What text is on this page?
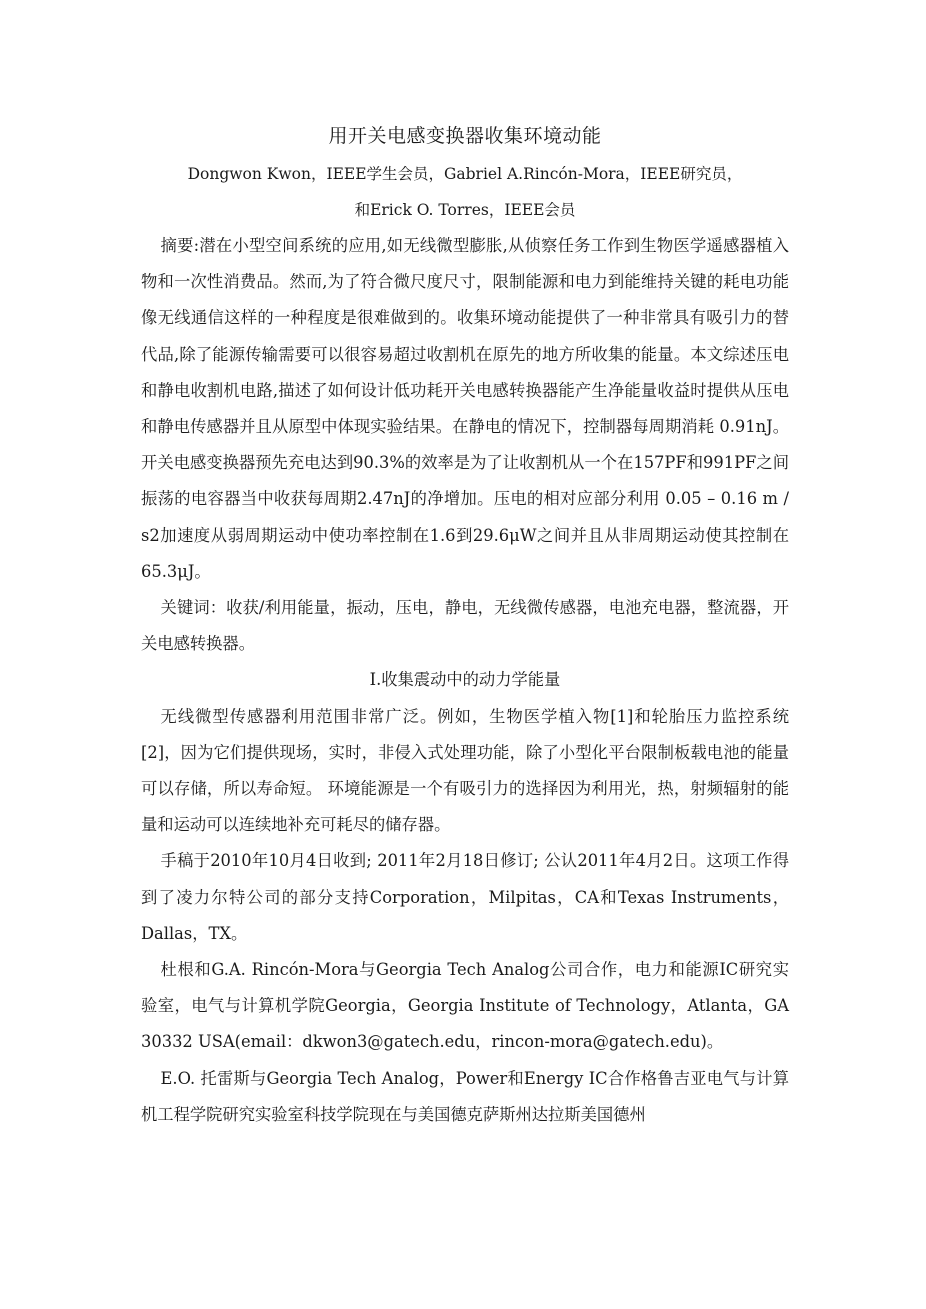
用开关电感变换器收集环境动能
Dongwon Kwon，IEEE学生会员，Gabriel A.Rincón-Mora，IEEE研究员，
和Erick O. Torres，IEEE会员

摘要:潜在小型空间系统的应用,如无线微型膨胀,从侦察任务工作到生物医学遥感器植入物和一次性消费品。然而,为了符合微尺度尺寸，限制能源和电力到能维持关键的耗电功能像无线通信这样的一种程度是很难做到的。收集环境动能提供了一种非常具有吸引力的替代品,除了能源传输需要可以很容易超过收割机在原先的地方所收集的能量。本文综述压电和静电收割机电路,描述了如何设计低功耗开关电感转换器能产生净能量收益时提供从压电和静电传感器并且从原型中体现实验结果。在静电的情况下，控制器每周期消耗 0.91nJ。开关电感变换器预先充电达到90.3%的效率是为了让收割机从一个在157PF和991PF之间振荡的电容器当中收获每周期2.47nJ的净增加。压电的相对应部分利用 0.05 – 0.16 m / s2加速度从弱周期运动中使功率控制在1.6到29.6μW之间并且从非周期运动使其控制在65.3μJ。

关键词：收获/利用能量，振动，压电，静电，无线微传感器，电池充电器，整流器，开关电感转换器。

Ⅰ.收集震动中的动力学能量

无线微型传感器利用范围非常广泛。例如，生物医学植入物[1]和轮胎压力监控系统[2]，因为它们提供现场，实时，非侵入式处理功能，除了小型化平台限制板载电池的能量可以存储，所以寿命短。 环境能源是一个有吸引力的选择因为利用光，热，射频辐射的能量和运动可以连续地补充可耗尽的储存器。

手稿于2010年10月4日收到; 2011年2月18日修订; 公认2011年4月2日。这项工作得到了凌力尔特公司的部分支持Corporation，Milpitas，CA和Texas Instruments，Dallas，TX。

杜根和G.A. Rincón-Mora与Georgia Tech Analog公司合作，电力和能源IC研究实验室，电气与计算机学院Georgia，Georgia Institute of Technology，Atlanta，GA 30332 USA(email：dkwon3@gatech.edu，rincon-mora@gatech.edu)。

E.O. 托雷斯与Georgia Tech Analog，Power和Energy IC合作格鲁吉亚电气与计算机工程学院研究实验室科技学院现在与美国德克萨斯州达拉斯美国德州
